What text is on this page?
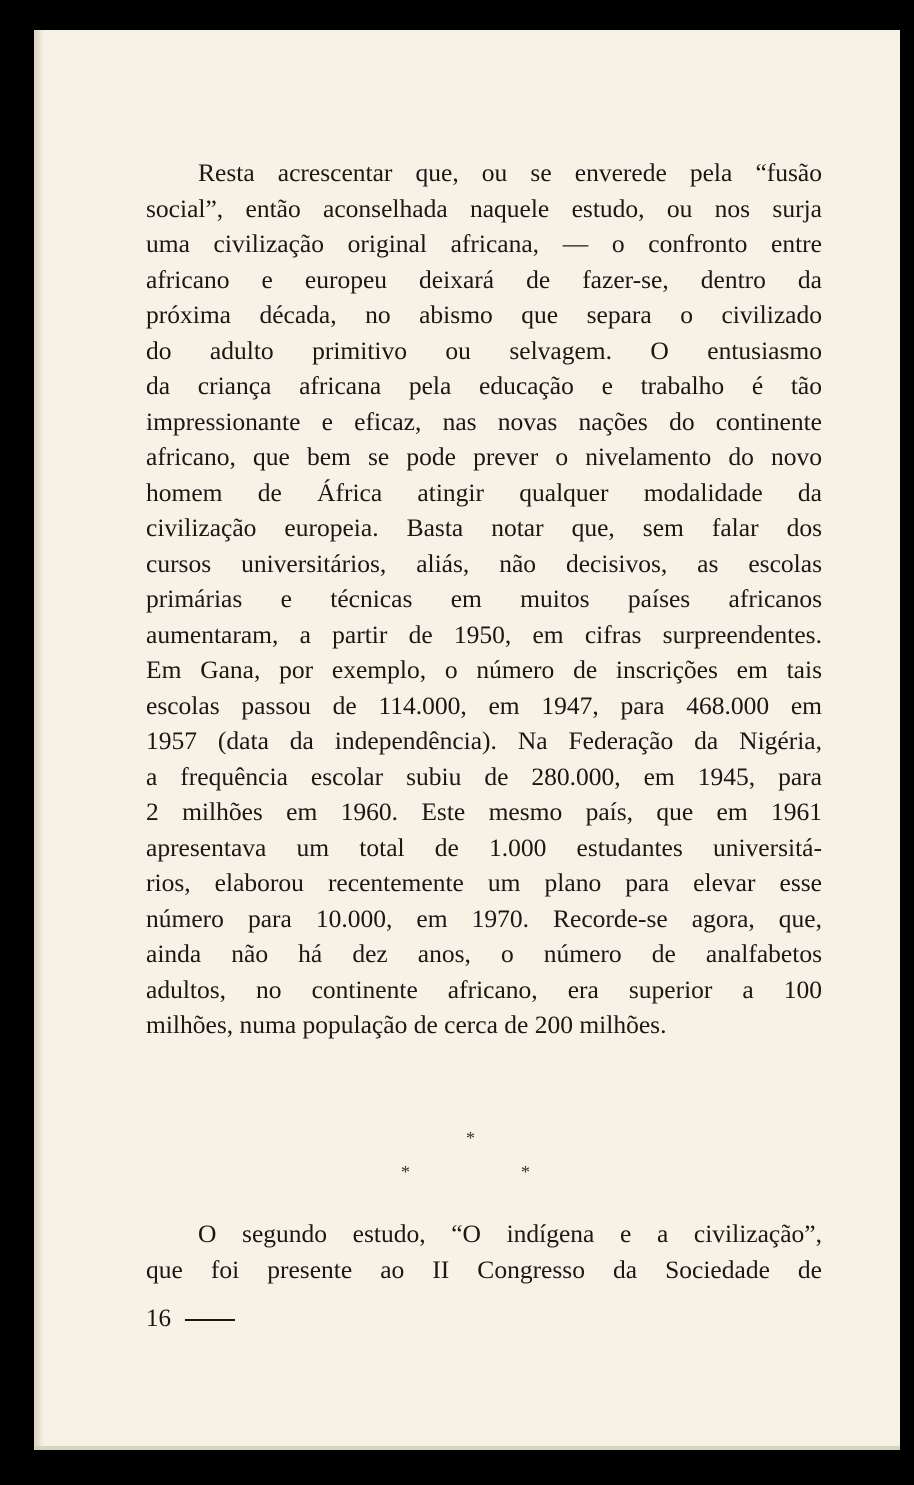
Resta acrescentar que, ou se enverede pela “fusão
social”, então aconselhada naquele estudo, ou nos surja
uma civilização original africana, — o confronto entre
africano e europeu deixará de fazer-se, dentro da
próxima década, no abismo que separa o civilizado
do adulto primitivo ou selvagem. O entusiasmo
da criança africana pela educação e trabalho é tão
impressionante e eficaz, nas novas nações do continente
africano, que bem se pode prever o nivelamento do novo
homem de África atingir qualquer modalidade da
civilização europeia. Basta notar que, sem falar dos
cursos universitários, aliás, não decisivos, as escolas
primárias e técnicas em muitos países africanos
aumentaram, a partir de 1950, em cifras surpreendentes.
Em Gana, por exemplo, o número de inscrições em tais
escolas passou de 114.000, em 1947, para 468.000 em
1957 (data da independência). Na Federação da Nigéria,
a frequência escolar subiu de 280.000, em 1945, para
2 milhões em 1960. Este mesmo país, que em 1961
apresentava um total de 1.000 estudantes universitá-
rios, elaborou recentemente um plano para elevar esse
número para 10.000, em 1970. Recorde-se agora, que,
ainda não há dez anos, o número de analfabetos
adultos, no continente africano, era superior a 100
milhões, numa população de cerca de 200 milhões.
*
*	*
O segundo estudo, “O indígena e a civilização”,
que foi presente ao II Congresso da Sociedade de
16
